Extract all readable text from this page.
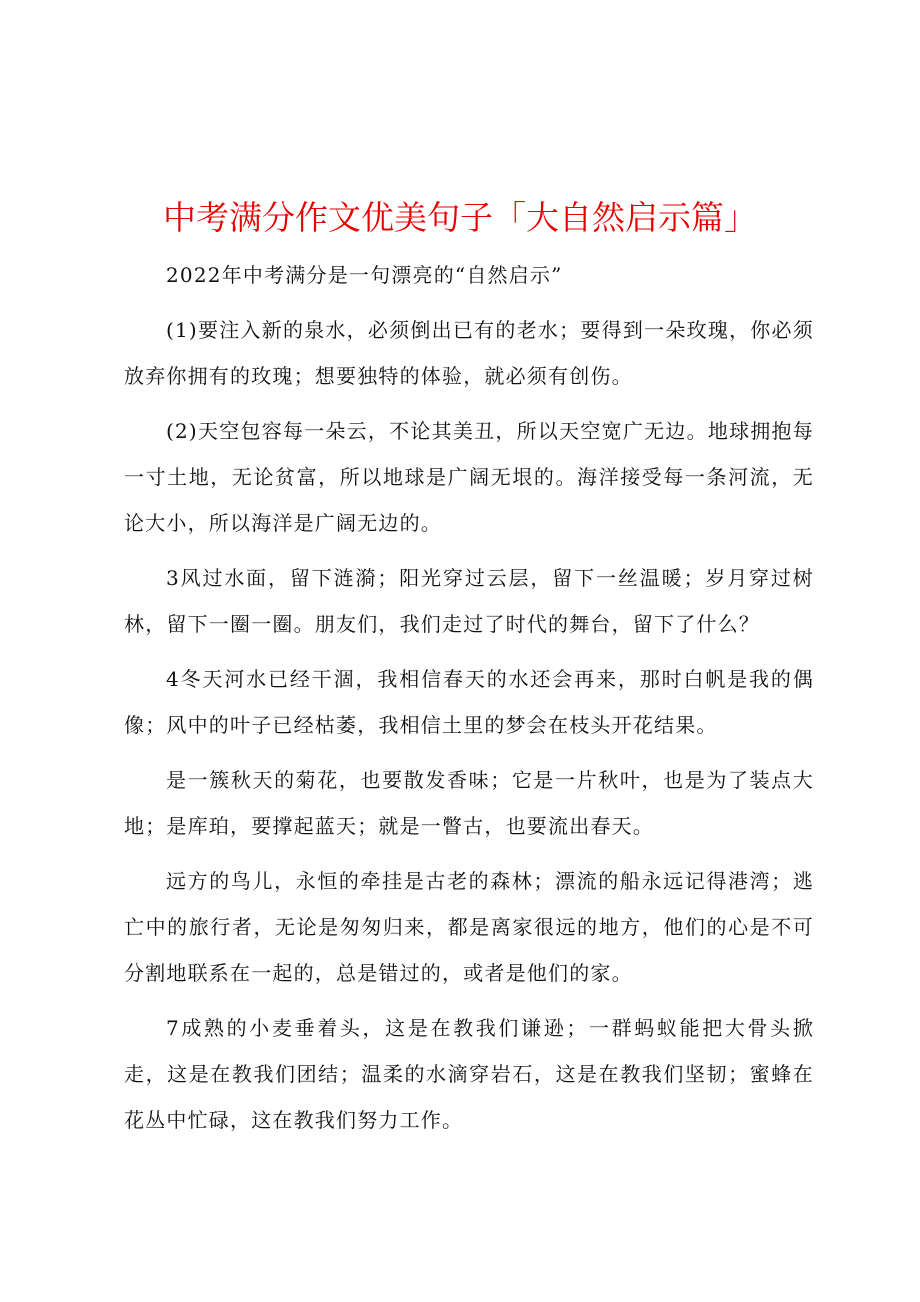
中考满分作文优美句子「大自然启示篇」

2022年中考满分是一句漂亮的“自然启示”

(1)要注入新的泉水，必须倒出已有的老水；要得到一朵玫瑰，你必须放弃你拥有的玫瑰；想要独特的体验，就必须有创伤。

(2)天空包容每一朵云，不论其美丑，所以天空宽广无边。地球拥抱每一寸土地，无论贫富，所以地球是广阔无垠的。海洋接受每一条河流，无论大小，所以海洋是广阔无边的。

3风过水面，留下涟漪；阳光穿过云层，留下一丝温暖；岁月穿过树林，留下一圈一圈。朋友们，我们走过了时代的舞台，留下了什么？

4冬天河水已经干涸，我相信春天的水还会再来，那时白帆是我的偶像；风中的叶子已经枯萎，我相信土里的梦会在枝头开花结果。

是一簇秋天的菊花，也要散发香味；它是一片秋叶，也是为了装点大地；是库珀，要撑起蓝天；就是一瞥古，也要流出春天。

远方的鸟儿，永恒的牵挂是古老的森林；漂流的船永远记得港湾；逃亡中的旅行者，无论是匆匆归来，都是离家很远的地方，他们的心是不可分割地联系在一起的，总是错过的，或者是他们的家。

7成熟的小麦垂着头，这是在教我们谦逊；一群蚂蚁能把大骨头掀走，这是在教我们团结；温柔的水滴穿岩石，这是在教我们坚韧；蜜蜂在花丛中忙碌，这在教我们努力工作。
